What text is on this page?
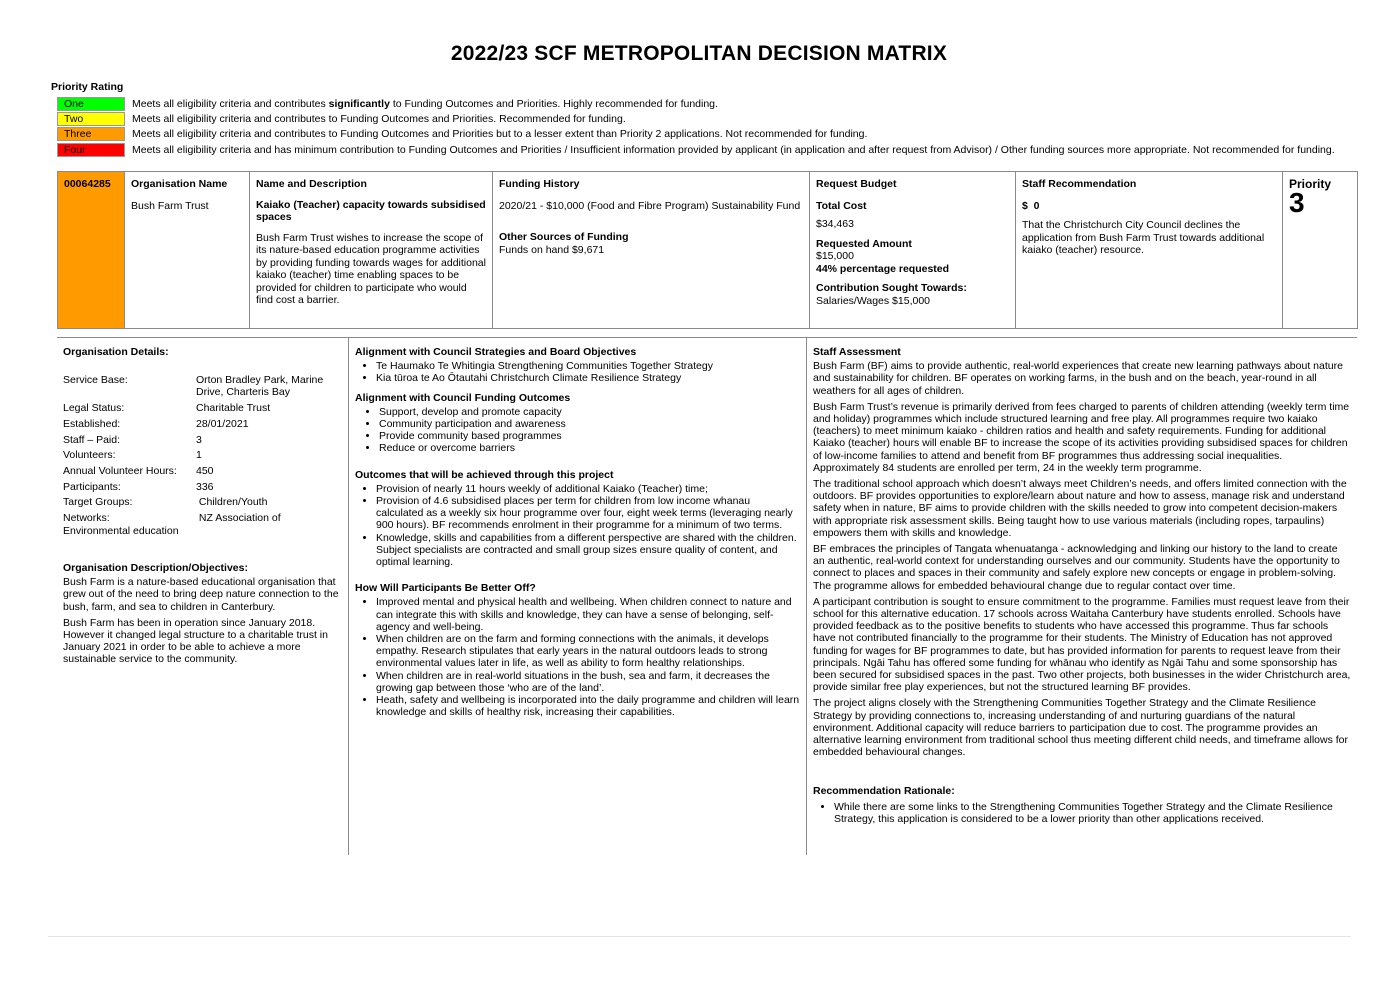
2022/23 SCF METROPOLITAN DECISION MATRIX
Priority Rating
One	Meets all eligibility criteria and contributes significantly to Funding Outcomes and Priorities. Highly recommended for funding.
Two	Meets all eligibility criteria and contributes to Funding Outcomes and Priorities. Recommended for funding.
Three	Meets all eligibility criteria and contributes to Funding Outcomes and Priorities but to a lesser extent than Priority 2 applications. Not recommended for funding.
Four	Meets all eligibility criteria and has minimum contribution to Funding Outcomes and Priorities / Insufficient information provided by applicant (in application and after request from Advisor) / Other funding sources more appropriate. Not recommended for funding.
00064285	Organisation Name
Bush Farm Trust

Name and Description
Kaiako (Teacher) capacity towards subsidised spaces
Bush Farm Trust wishes to increase the scope of its nature-based education programme activities by providing funding towards wages for additional kaiako (teacher) time enabling spaces to be provided for children to participate who would find cost a barrier.

Funding History
2020/21 - $10,000 (Food and Fibre Program) Sustainability Fund
Other Sources of Funding
Funds on hand $9,671

Request Budget
Total Cost
$34,463
Requested Amount
$15,000
44% percentage requested
Contribution Sought Towards:
Salaries/Wages $15,000

Staff Recommendation
$  0
That the Christchurch City Council declines the application from Bush Farm Trust towards additional kaiako (teacher) resource.

Priority
3
Organisation Details:
Service Base:	Orton Bradley Park, Marine Drive, Charteris Bay
Legal Status:	Charitable Trust
Established:	28/01/2021
Staff – Paid:	3
Volunteers:	1
Annual Volunteer Hours:	450
Participants:	336
Target Groups:	Children/Youth
Networks:	NZ Association of
Environmental education
Organisation Description/Objectives:

Bush Farm is a nature-based educational organisation that grew out of the need to bring deep nature connection to the bush, farm, and sea to children in Canterbury.

Bush Farm has been in operation since January 2018. However it changed legal structure to a charitable trust in January 2021 in order to be able to achieve a more sustainable service to the community.

Alignment with Council Strategies and Board Objectives
• Te Haumako Te Whitingia Strengthening Communities Together Strategy
• Kia tūroa te Ao Ōtautahi Christchurch Climate Resilience Strategy
Alignment with Council Funding Outcomes
• Support, develop and promote capacity
• Community participation and awareness
• Provide community based programmes
• Reduce or overcome barriers
Outcomes that will be achieved through this project
• Provision of nearly 11 hours weekly of additional Kaiako (Teacher) time;
• Provision of 4.6 subsidised places per term for children from low income whanau calculated as a weekly six hour programme over four, eight week terms (leveraging nearly 900 hours). BF recommends enrolment in their programme for a minimum of two terms.
• Knowledge, skills and capabilities from a different perspective are shared with the children. Subject specialists are contracted and small group sizes ensure quality of content, and optimal learning.
How Will Participants Be Better Off?
• Improved mental and physical health and wellbeing. When children connect to nature and can integrate this with skills and knowledge, they can have a sense of belonging, self-agency and well-being.
• When children are on the farm and forming connections with the animals, it develops empathy. Research stipulates that early years in the natural outdoors leads to strong environmental values later in life, as well as ability to form healthy relationships.
• When children are in real-world situations in the bush, sea and farm, it decreases the growing gap between those ‘who are of the land’.
• Heath, safety and wellbeing is incorporated into the daily programme and children will learn knowledge and skills of healthy risk, increasing their capabilities.
Staff Assessment

Bush Farm (BF) aims to provide authentic, real-world experiences that create new learning pathways about nature and sustainability for children. BF operates on working farms, in the bush and on the beach, year-round in all weathers for all ages of children.

Bush Farm Trust’s revenue is primarily derived from fees charged to parents of children attending (weekly term time and holiday) programmes which include structured learning and free play. All programmes require two kaiako (teachers) to meet minimum kaiako - children ratios and health and safety requirements. Funding for additional Kaiako (teacher) hours will enable BF to increase the scope of its activities providing subsidised spaces for children of low-income families to attend and benefit from BF programmes thus addressing social inequalities. Approximately 84 students are enrolled per term, 24 in the weekly term programme.

The traditional school approach which doesn’t always meet Children’s needs, and offers limited connection with the outdoors. BF provides opportunities to explore/learn about nature and how to assess, manage risk and understand safety when in nature, BF aims to provide children with the skills needed to grow into competent decision-makers with appropriate risk assessment skills. Being taught how to use various materials (including ropes, tarpaulins) empowers them with skills and knowledge.

BF embraces the principles of Tangata whenuatanga - acknowledging and linking our history to the land to create an authentic, real-world context for understanding ourselves and our community. Students have the opportunity to connect to places and spaces in their community and safely explore new concepts or engage in problem-solving. The programme allows for embedded behavioural change due to regular contact over time.

A participant contribution is sought to ensure commitment to the programme. Families must request leave from their school for this alternative education. 17 schools across Waitaha Canterbury have students enrolled. Schools have provided feedback as to the positive benefits to students who have accessed this programme. Thus far schools have not contributed financially to the programme for their students. The Ministry of Education has not approved funding for wages for BF programmes to date, but has provided information for parents to request leave from their principals. Ngāi Tahu has offered some funding for whānau who identify as Ngāi Tahu and some sponsorship has been secured for subsidised spaces in the past. Two other projects, both businesses in the wider Christchurch area, provide similar free play experiences, but not the structured learning BF provides.

The project aligns closely with the Strengthening Communities Together Strategy and the Climate Resilience Strategy by providing connections to, increasing understanding of and nurturing guardians of the natural environment. Additional capacity will reduce barriers to participation due to cost. The programme provides an alternative learning environment from traditional school thus meeting different child needs, and timeframe allows for embedded behavioural changes.

Recommendation Rationale:
• While there are some links to the Strengthening Communities Together Strategy and the Climate Resilience Strategy, this application is considered to be a lower priority than other applications received.
